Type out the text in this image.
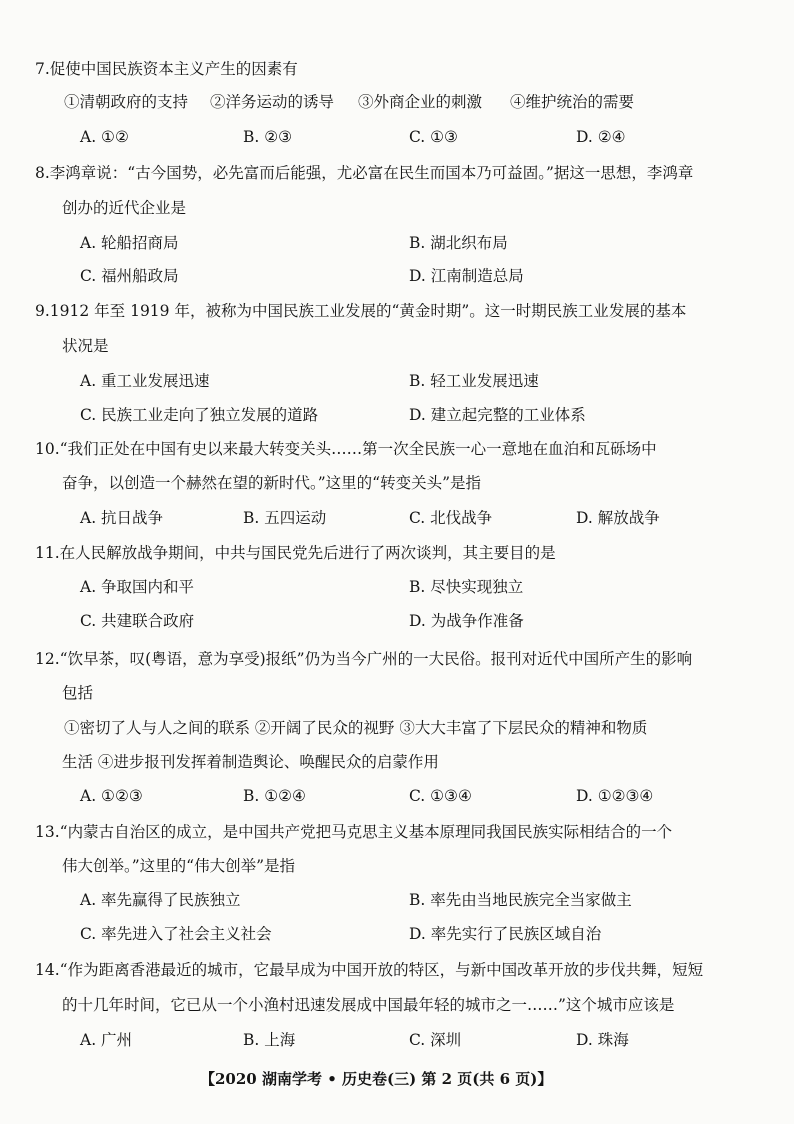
7.促使中国民族资本主义产生的因素有
①清朝政府的支持 ②洋务运动的诱导 ③外商企业的刺激 ④维护统治的需要
A. ①②	B. ②③	C. ①③	D. ②④
8.李鸿章说：“古今国势，必先富而后能强，尤必富在民生而国本乃可益固。”据这一思想，李鸿章
创办的近代企业是
A. 轮船招商局	B. 湖北织布局
C. 福州船政局	D. 江南制造总局
9.1912 年至 1919 年，被称为中国民族工业发展的“黄金时期”。这一时期民族工业发展的基本
状况是
A. 重工业发展迅速	B. 轻工业发展迅速
C. 民族工业走向了独立发展的道路	D. 建立起完整的工业体系
10.“我们正处在中国有史以来最大转变关头……第一次全民族一心一意地在血泊和瓦砾场中
奋争，以创造一个赫然在望的新时代。”这里的“转变关头”是指
A. 抗日战争	B. 五四运动	C. 北伐战争	D. 解放战争
11.在人民解放战争期间，中共与国民党先后进行了两次谈判，其主要目的是
A. 争取国内和平	B. 尽快实现独立
C. 共建联合政府	D. 为战争作准备
12.“饮早茶，叹(粤语，意为享受)报纸”仍为当今广州的一大民俗。报刊对近代中国所产生的影响
包括
①密切了人与人之间的联系 ②开阔了民众的视野 ③大大丰富了下层民众的精神和物质
生活 ④进步报刊发挥着制造舆论、唤醒民众的启蒙作用
A. ①②③	B. ①②④	C. ①③④	D. ①②③④
13.“内蒙古自治区的成立，是中国共产党把马克思主义基本原理同我国民族实际相结合的一个
伟大创举。”这里的“伟大创举”是指
A. 率先赢得了民族独立	B. 率先由当地民族完全当家做主
C. 率先进入了社会主义社会	D. 率先实行了民族区域自治
14.“作为距离香港最近的城市，它最早成为中国开放的特区，与新中国改革开放的步伐共舞，短短
的十几年时间，它已从一个小渔村迅速发展成中国最年轻的城市之一……”这个城市应该是
A. 广州	B. 上海	C. 深圳	D. 珠海
【2020 湖南学考 • 历史卷(三) 第 2 页(共 6 页)】
